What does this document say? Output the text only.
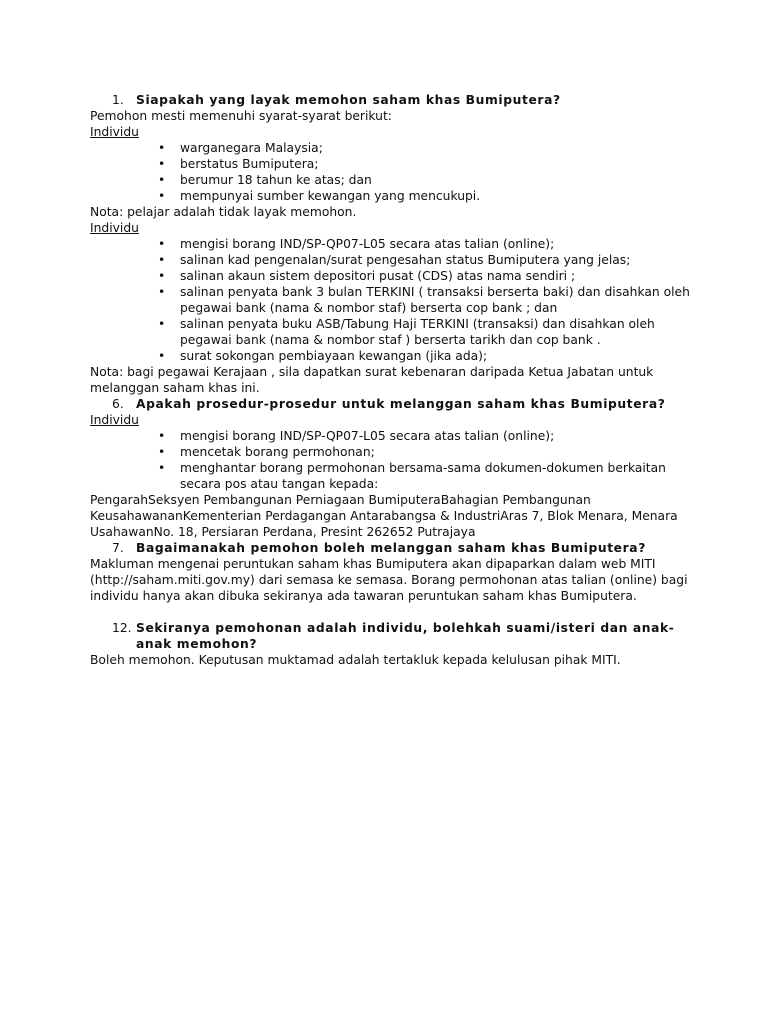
1. Siapakah yang layak memohon saham khas Bumiputera?
Pemohon mesti memenuhi syarat-syarat berikut:
Individu
• warganegara Malaysia;
• berstatus Bumiputera;
• berumur 18 tahun ke atas; dan
• mempunyai sumber kewangan yang mencukupi.
Nota: pelajar adalah tidak layak memohon.
Individu
• mengisi borang IND/SP-QP07-L05 secara atas talian (online);
• salinan kad pengenalan/surat pengesahan status Bumiputera yang jelas;
• salinan akaun sistem depositori pusat (CDS) atas nama sendiri ;
• salinan penyata bank 3 bulan TERKINI ( transaksi berserta baki) dan disahkan oleh pegawai bank (nama & nombor staf) berserta cop bank ; dan
• salinan penyata buku ASB/Tabung Haji TERKINI (transaksi) dan disahkan oleh pegawai bank (nama & nombor staf ) berserta tarikh dan cop bank .
• surat sokongan pembiayaan kewangan (jika ada);
Nota: bagi pegawai Kerajaan , sila dapatkan surat kebenaran daripada Ketua Jabatan untuk melanggan saham khas ini.
6. Apakah prosedur-prosedur untuk melanggan saham khas Bumiputera?
Individu
• mengisi borang IND/SP-QP07-L05 secara atas talian (online);
• mencetak borang permohonan;
• menghantar borang permohonan bersama-sama dokumen-dokumen berkaitan secara pos atau tangan kepada:
PengarahSeksyen Pembangunan Perniagaan BumiputeraBahagian Pembangunan KeusahawananKementerian Perdagangan Antarabangsa & IndustriAras 7, Blok Menara, Menara UsahawanNo. 18, Persiaran Perdana, Presint 262652 Putrajaya
7. Bagaimanakah pemohon boleh melanggan saham khas Bumiputera?
Makluman mengenai peruntukan saham khas Bumiputera akan dipaparkan dalam web MITI (http://saham.miti.gov.my) dari semasa ke semasa. Borang permohonan atas talian (online) bagi individu hanya akan dibuka sekiranya ada tawaran peruntukan saham khas Bumiputera.
12. Sekiranya pemohonan adalah individu, bolehkah suami/isteri dan anak-anak memohon?
Boleh memohon. Keputusan muktamad adalah tertakluk kepada kelulusan pihak MITI.
